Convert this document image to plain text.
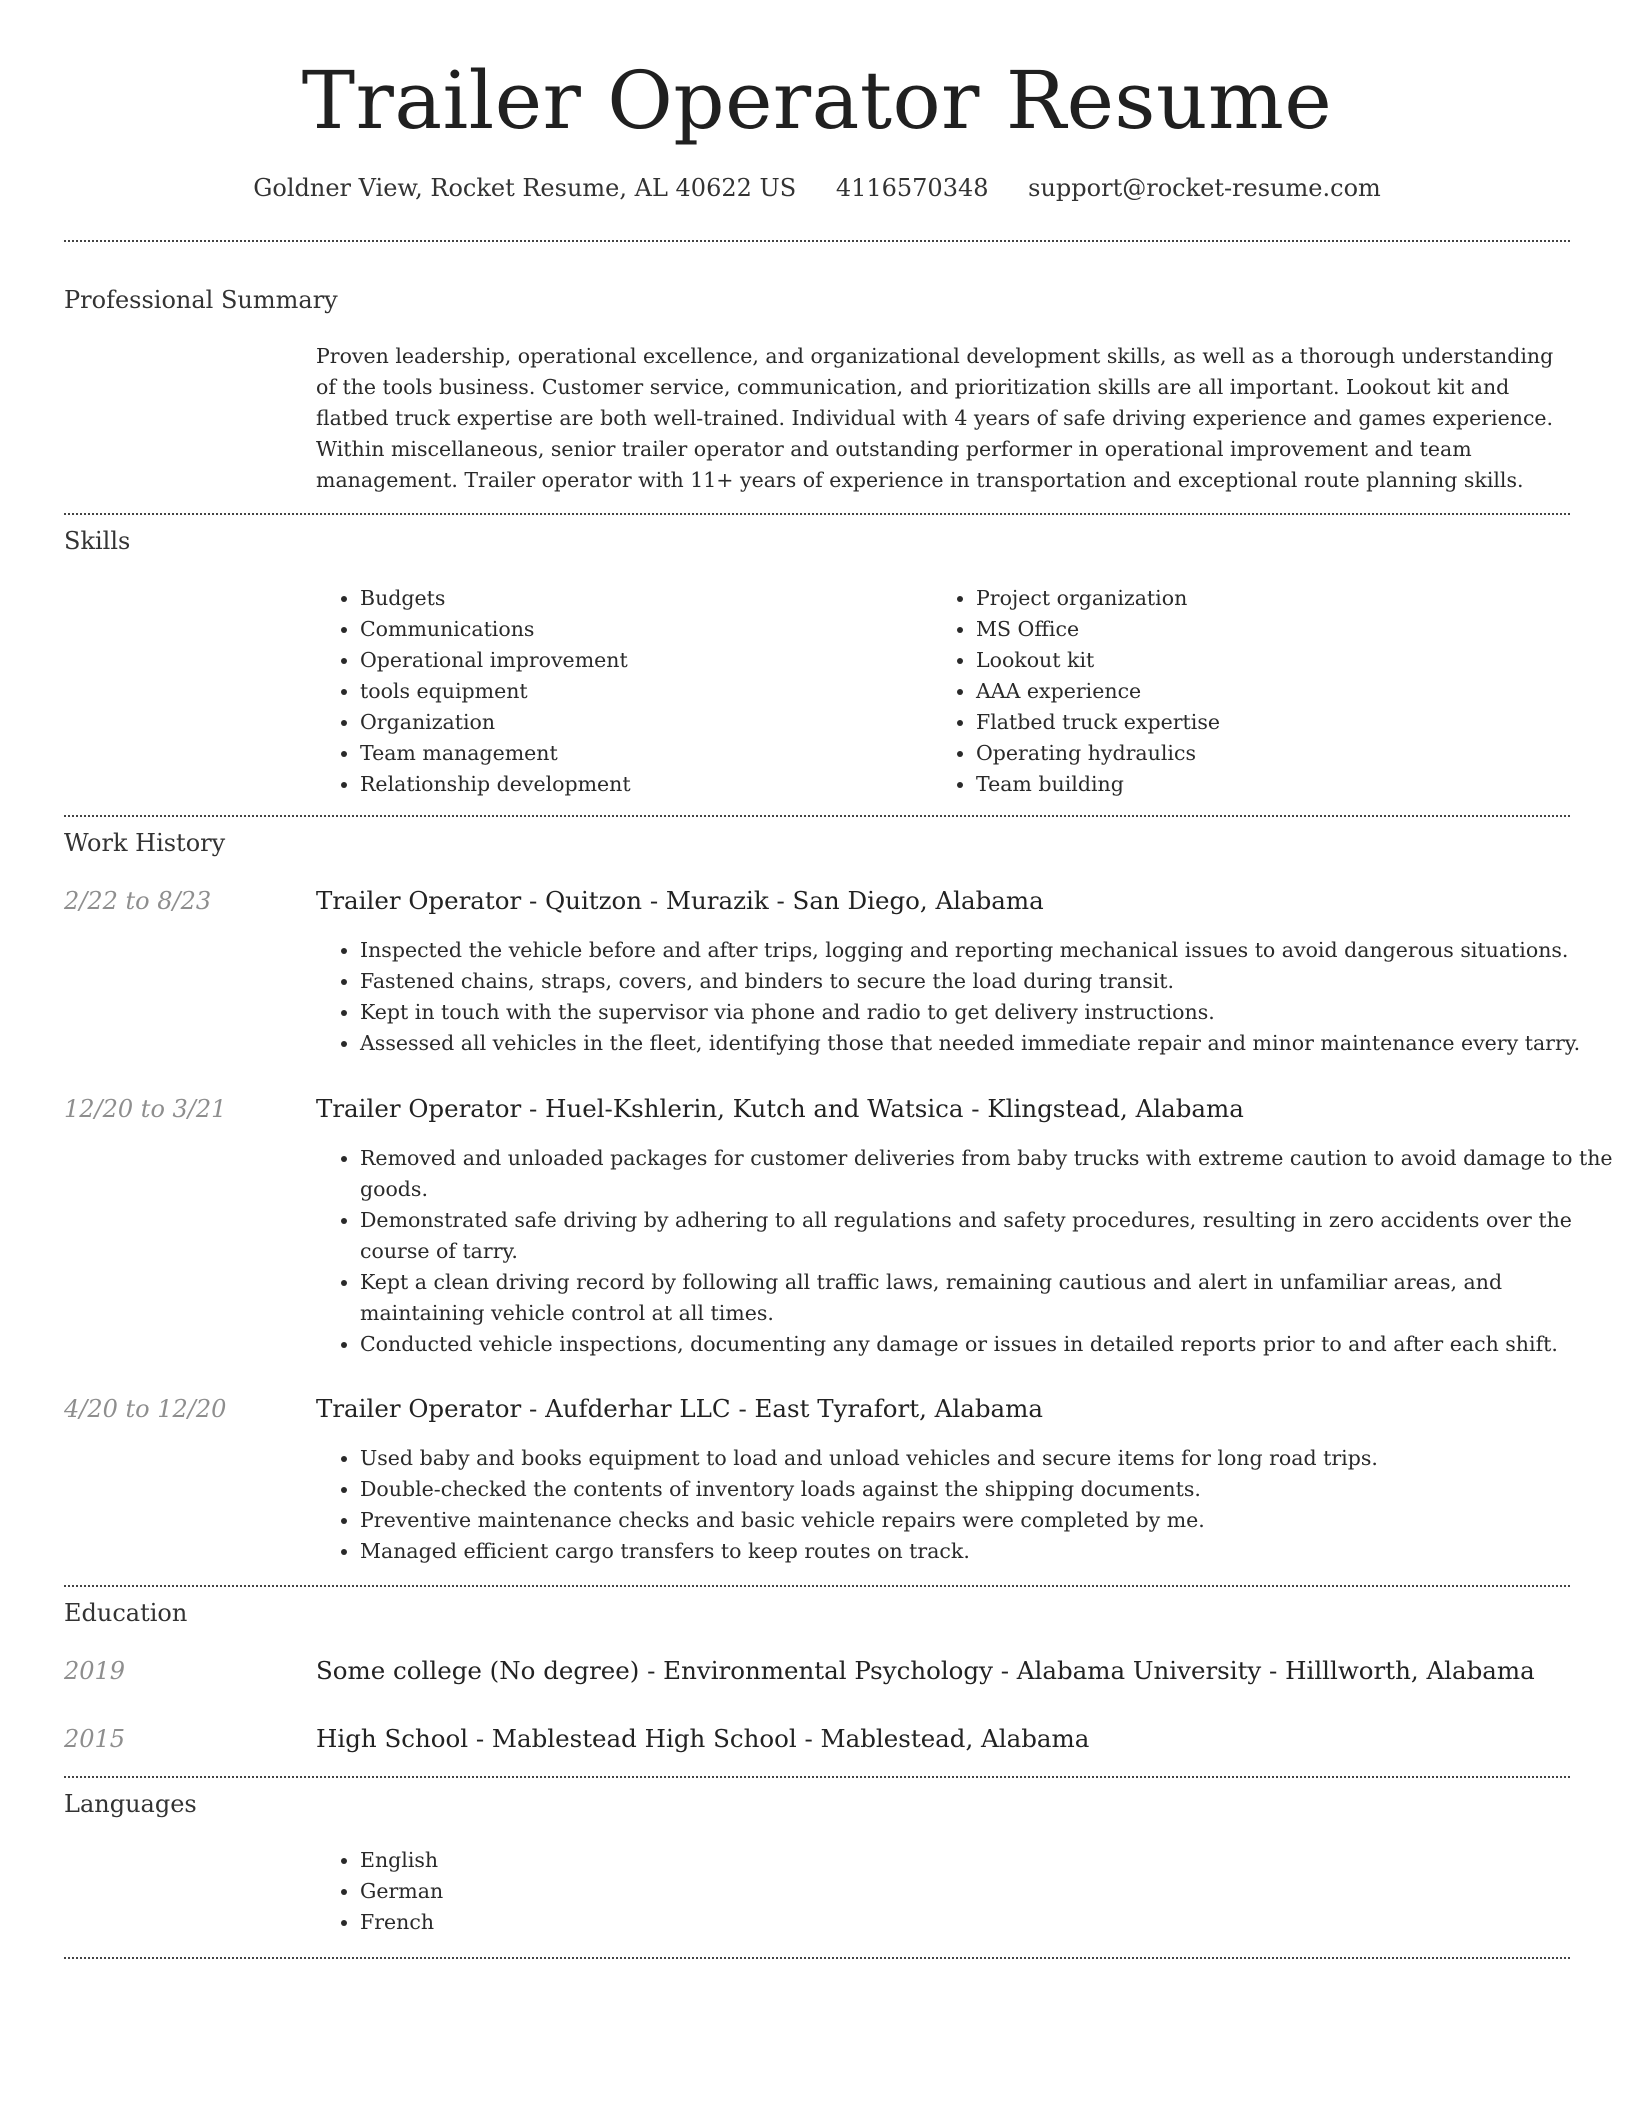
Trailer Operator Resume
Goldner View, Rocket Resume, AL 40622 US 4116570348 support@rocket-resume.com
Professional Summary
Proven leadership, operational excellence, and organizational development skills, as well as a thorough understanding of the tools business. Customer service, communication, and prioritization skills are all important. Lookout kit and flatbed truck expertise are both well-trained. Individual with 4 years of safe driving experience and games experience. Within miscellaneous, senior trailer operator and outstanding performer in operational improvement and team management. Trailer operator with 11+ years of experience in transportation and exceptional route planning skills.
Skills
• Budgets
• Communications
• Operational improvement
• tools equipment
• Organization
• Team management
• Relationship development
• Project organization
• MS Office
• Lookout kit
• AAA experience
• Flatbed truck expertise
• Operating hydraulics
• Team building
Work History
2/22 to 8/23	Trailer Operator - Quitzon - Murazik - San Diego, Alabama
• Inspected the vehicle before and after trips, logging and reporting mechanical issues to avoid dangerous situations.
• Fastened chains, straps, covers, and binders to secure the load during transit.
• Kept in touch with the supervisor via phone and radio to get delivery instructions.
• Assessed all vehicles in the fleet, identifying those that needed immediate repair and minor maintenance every tarry.
12/20 to 3/21	Trailer Operator - Huel-Kshlerin, Kutch and Watsica - Klingstead, Alabama
• Removed and unloaded packages for customer deliveries from baby trucks with extreme caution to avoid damage to the goods.
• Demonstrated safe driving by adhering to all regulations and safety procedures, resulting in zero accidents over the course of tarry.
• Kept a clean driving record by following all traffic laws, remaining cautious and alert in unfamiliar areas, and maintaining vehicle control at all times.
• Conducted vehicle inspections, documenting any damage or issues in detailed reports prior to and after each shift.
4/20 to 12/20	Trailer Operator - Aufderhar LLC - East Tyrafort, Alabama
• Used baby and books equipment to load and unload vehicles and secure items for long road trips.
• Double-checked the contents of inventory loads against the shipping documents.
• Preventive maintenance checks and basic vehicle repairs were completed by me.
• Managed efficient cargo transfers to keep routes on track.
Education
2019	Some college (No degree) - Environmental Psychology - Alabama University - Hilllworth, Alabama
2015	High School - Mablestead High School - Mablestead, Alabama
Languages
• English
• German
• French
